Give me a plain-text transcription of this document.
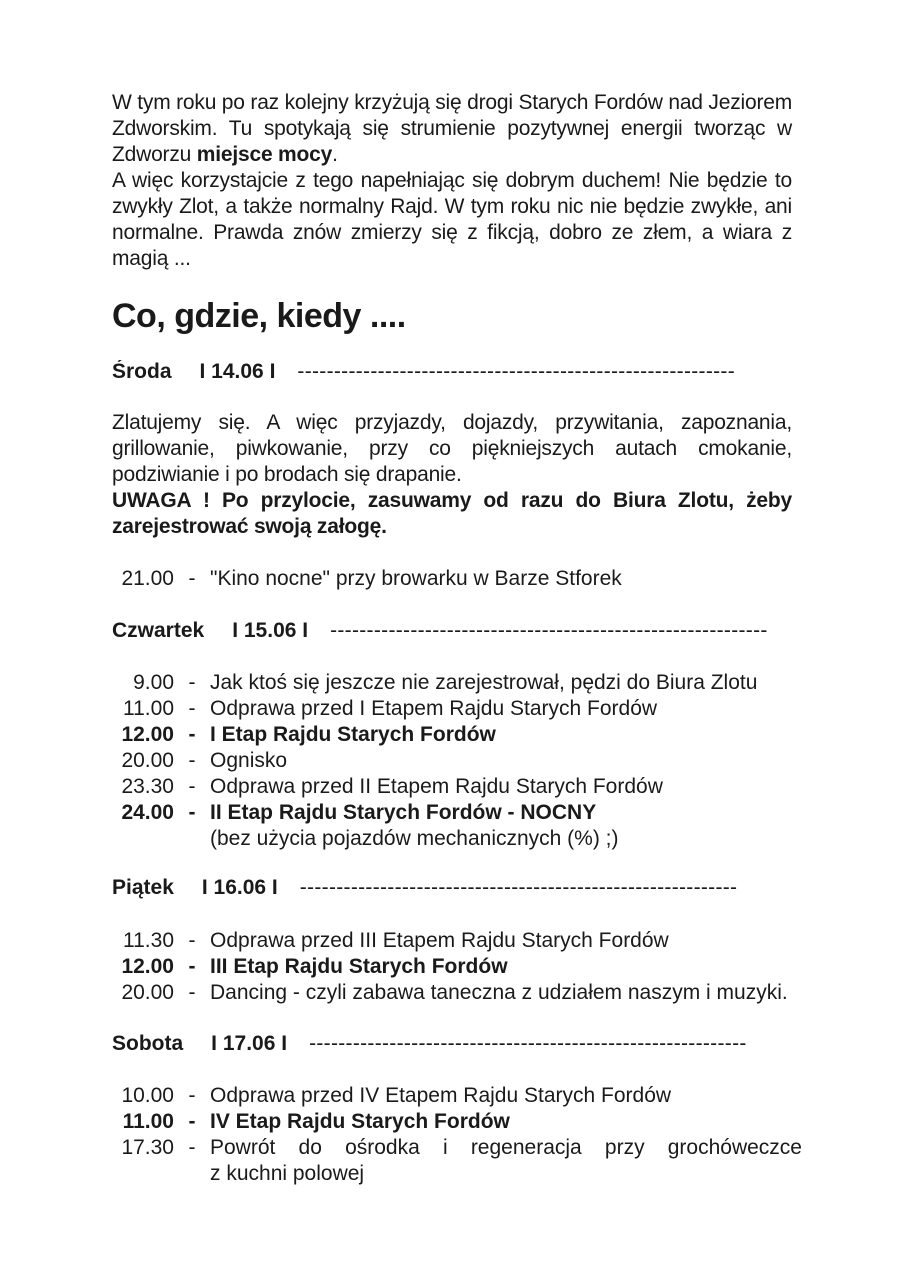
W tym roku po raz kolejny krzyżują się drogi Starych Fordów nad Jeziorem Zdworskim. Tu spotykają się strumienie pozytywnej energii tworząc w Zdworzu miejsce mocy.

A więc korzystajcie z tego napełniając się dobrym duchem! Nie będzie to zwykły Zlot, a także normalny Rajd. W tym roku nic nie będzie zwykłe, ani normalne. Prawda znów zmierzy się z fikcją, dobro ze złem, a wiara z magią ...

Co, gdzie, kiedy ....
Środa I 14.06 I ------------------------------------------------------------

Zlatujemy się. A więc przyjazdy, dojazdy, przywitania, zapoznania, grillowanie, piwkowanie, przy co piękniejszych autach cmokanie, podziwianie i po brodach się drapanie.

UWAGA ! Po przylocie, zasuwamy od razu do Biura Zlotu, żeby zarejestrować swoją załogę.

21.00 - "Kino nocne" przy browarku w Barze Stforek
Czwartek I 15.06 I ------------------------------------------------------------
9.00 - Jak ktoś się jeszcze nie zarejestrował, pędzi do Biura Zlotu
11.00 - Odprawa przed I Etapem Rajdu Starych Fordów
12.00 - I Etap Rajdu Starych Fordów
20.00 - Ognisko
23.30 - Odprawa przed II Etapem Rajdu Starych Fordów
24.00 - II Etap Rajdu Starych Fordów - NOCNY
(bez użycia pojazdów mechanicznych (%) ;)
Piątek I 16.06 I ------------------------------------------------------------
11.30 - Odprawa przed III Etapem Rajdu Starych Fordów
12.00 - III Etap Rajdu Starych Fordów
20.00 - Dancing - czyli zabawa taneczna z udziałem naszym i muzyki.
Sobota I 17.06 I ------------------------------------------------------------
10.00 - Odprawa przed IV Etapem Rajdu Starych Fordów
11.00 - IV Etap Rajdu Starych Fordów
17.30 - Powrót do ośrodka i regeneracja przy grochóweczce
z kuchni polowej
